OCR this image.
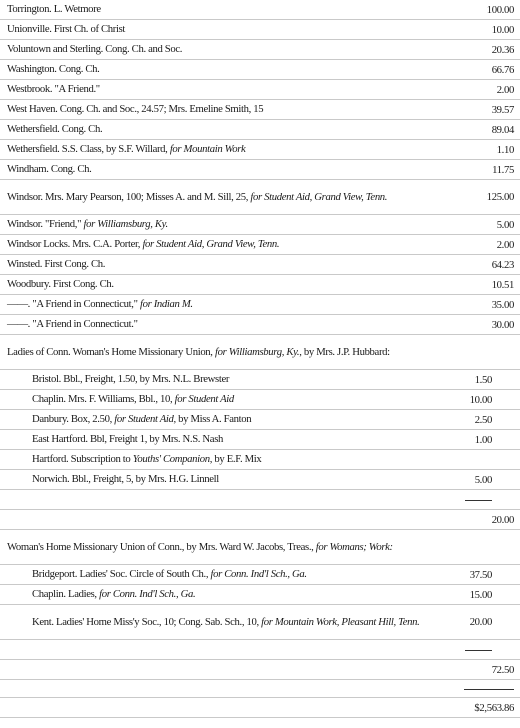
Torrington. L. Wetmore	100.00
Unionville. First Ch. of Christ	10.00
Voluntown and Sterling. Cong. Ch. and Soc.	20.36
Washington. Cong. Ch.	66.76
Westbrook. "A Friend."	2.00
West Haven. Cong. Ch. and Soc., 24.57; Mrs. Emeline Smith, 15	39.57
Wethersfield. Cong. Ch.	89.04
Wethersfield. S.S. Class, by S.F. Willard, for Mountain Work	1.10
Windham. Cong. Ch.	11.75
Windsor. Mrs. Mary Pearson, 100; Misses A. and M. Sill, 25, for Student Aid, Grand View, Tenn.	125.00
Windsor. "Friend," for Williamsburg, Ky.	5.00
Windsor Locks. Mrs. C.A. Porter, for Student Aid, Grand View, Tenn.	2.00
Winsted. First Cong. Ch.	64.23
Woodbury. First Cong. Ch.	10.51
——. "A Friend in Connecticut," for Indian M.	35.00
——. "A Friend in Connecticut."	30.00
Ladies of Conn. Woman's Home Missionary Union, for Williamsburg, Ky., by Mrs. J.P. Hubbard:
Bristol. Bbl., Freight, 1.50, by Mrs. N.L. Brewster	1.50
Chaplin. Mrs. F. Williams, Bbl., 10, for Student Aid	10.00
Danbury. Box, 2.50, for Student Aid, by Miss A. Fanton	2.50
East Hartford. Bbl, Freight 1, by Mrs. N.S. Nash	1.00
Hartford. Subscription to Youths' Companion, by E.F. Mix
Norwich. Bbl., Freight, 5, by Mrs. H.G. Linnell	5.00
20.00
Woman's Home Missionary Union of Conn., by Mrs. Ward W. Jacobs, Treas., for Womans; Work:
Bridgeport. Ladies' Soc. Circle of South Ch., for Conn. Ind'l Sch., Ga.	37.50
Chaplin. Ladies, for Conn. Ind'l Sch., Ga.	15.00
Kent. Ladies' Home Miss'y Soc., 10; Cong. Sab. Sch., 10, for Mountain Work, Pleasant Hill, Tenn.	20.00
72.50
$2,563.86
